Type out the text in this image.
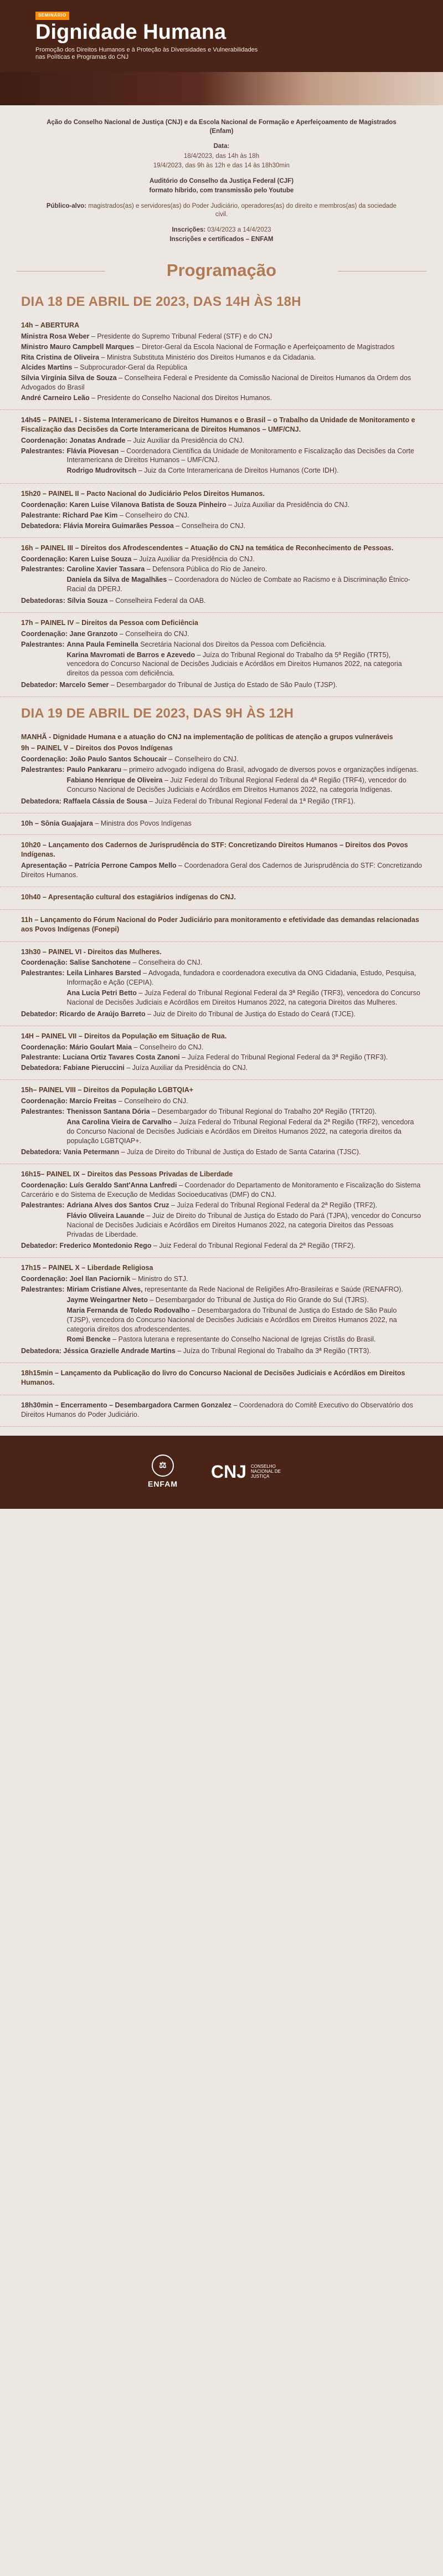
SEMINÁRIO
Dignidade Humana
Promoção dos Direitos Humanos e à Proteção às Diversidades e Vulnerabilidades nas Políticas e Programas do CNJ

Ação do Conselho Nacional de Justiça (CNJ) e da Escola Nacional de Formação e Aperfeiçoamento de Magistrados (Enfam)

Data:

18/4/2023, das 14h às 18h

19/4/2023, das 9h às 12h e das 14 às 18h30min

Auditório do Conselho da Justiça Federal (CJF)

formato híbrido, com transmissão pelo Youtube

Público-alvo: magistrados(as) e servidores(as) do Poder Judiciário, operadores(as) do direito e membros(as) da sociedade civil.

Inscrições: 03/4/2023 a 14/4/2023

Inscrições e certificados – ENFAM

Programação
DIA 18 DE ABRIL DE 2023, DAS 14H ÀS 18H
14h – ABERTURA
Ministra Rosa Weber – Presidente do Supremo Tribunal Federal (STF) e do CNJ
Ministro Mauro Campbell Marques – Diretor-Geral da Escola Nacional de Formação e Aperfeiçoamento de Magistrados
Rita Cristina de Oliveira – Ministra Substituta Ministério dos Direitos Humanos e da Cidadania.
Alcides Martins – Subprocurador-Geral da República
Sílvia Virgínia Silva de Souza – Conselheira Federal e Presidente da Comissão Nacional de Direitos Humanos da Ordem dos Advogados do Brasil
André Carneiro Leão – Presidente do Conselho Nacional dos Direitos Humanos.
14h45 – PAINEL I - Sistema Interamericano de Direitos Humanos e o Brasil – o Trabalho da Unidade de Monitoramento e Fiscalização das Decisões da Corte Interamericana de Direitos Humanos – UMF/CNJ.
Coordenação: Jonatas Andrade – Juiz Auxiliar da Presidência do CNJ.
Palestrantes: Flávia Piovesan – Coordenadora Científica da Unidade de Monitoramento e Fiscalização das Decisões da Corte Interamericana de Direitos Humanos – UMF/CNJ.
Rodrigo Mudrovitsch – Juiz da Corte Interamericana de Direitos Humanos (Corte IDH).
15h20 – PAINEL II – Pacto Nacional do Judiciário Pelos Direitos Humanos.
Coordenação: Karen Luise Vilanova Batista de Souza Pinheiro – Juíza Auxiliar da Presidência do CNJ.
Palestrante: Richard Pae Kim – Conselheiro do CNJ.
Debatedora: Flávia Moreira Guimarães Pessoa – Conselheira do CNJ.
16h – PAINEL III – Direitos dos Afrodescendentes – Atuação do CNJ na temática de Reconhecimento de Pessoas.
Coordenação: Karen Luise Souza – Juíza Auxiliar da Presidência do CNJ.
Palestrantes: Caroline Xavier Tassara – Defensora Pública do Rio de Janeiro.
Daniela da Silva de Magalhães – Coordenadora do Núcleo de Combate ao Racismo e à Discriminação Étnico-Racial da DPERJ.
Debatedoras: Sílvia Souza – Conselheira Federal da OAB.
17h – PAINEL IV – Direitos da Pessoa com Deficiência
Coordenação: Jane Granzoto – Conselheira do CNJ.
Palestrantes: Anna Paula Feminella Secretária Nacional dos Direitos da Pessoa com Deficiência.
Karina Mavromati de Barros e Azevedo – Juíza do Tribunal Regional do Trabalho da 5ª Região (TRT5), vencedora do Concurso Nacional de Decisões Judiciais e Acórdãos em Direitos Humanos 2022, na categoria direitos da pessoa com deficiência.
Debatedor: Marcelo Semer – Desembargador do Tribunal de Justiça do Estado de São Paulo (TJSP).
DIA 19 DE ABRIL DE 2023, DAS 9H ÀS 12H
MANHÃ - Dignidade Humana e a atuação do CNJ na implementação de políticas de atenção a grupos vulneráveis
9h – PAINEL V – Direitos dos Povos Indígenas
Coordenação: João Paulo Santos Schoucair – Conselheiro do CNJ.
Palestrantes: Paulo Pankararu – primeiro advogado indígena do Brasil, advogado de diversos povos e organizações indígenas.
Fabiano Henrique de Oliveira – Juiz Federal do Tribunal Regional Federal da 4ª Região (TRF4), vencedor do Concurso Nacional de Decisões Judiciais e Acórdãos em Direitos Humanos 2022, na categoria Indígenas.
Debatedora: Raffaela Cássia de Sousa – Juíza Federal do Tribunal Regional Federal da 1ª Região (TRF1).
10h – Sônia Guajajara – Ministra dos Povos Indígenas
10h20 – Lançamento dos Cadernos de Jurisprudência do STF: Concretizando Direitos Humanos – Direitos dos Povos Indígenas.
Apresentação – Patrícia Perrone Campos Mello – Coordenadora Geral dos Cadernos de Jurisprudência do STF: Concretizando Direitos Humanos.
10h40 – Apresentação cultural dos estagiários indígenas do CNJ.
11h – Lançamento do Fórum Nacional do Poder Judiciário para monitoramento e efetividade das demandas relacionadas aos Povos Indígenas (Fonepi)
13h30 – PAINEL VI - Direitos das Mulheres.
Coordenação: Salise Sanchotene – Conselheira do CNJ.
Palestrantes: Leila Linhares Barsted – Advogada, fundadora e coordenadora executiva da ONG Cidadania, Estudo, Pesquisa, Informação e Ação (CEPIA).
Ana Lucia Petri Betto – Juíza Federal do Tribunal Regional Federal da 3ª Região (TRF3), vencedora do Concurso Nacional de Decisões Judiciais e Acórdãos em Direitos Humanos 2022, na categoria Direitos das Mulheres.
Debatedor: Ricardo de Araújo Barreto – Juiz de Direito do Tribunal de Justiça do Estado do Ceará (TJCE).
14H – PAINEL VII – Direitos da População em Situação de Rua.
Coordenação: Mário Goulart Maia – Conselheiro do CNJ.
Palestrante: Luciana Ortiz Tavares Costa Zanoni – Juíza Federal do Tribunal Regional Federal da 3ª Região (TRF3).
Debatedora: Fabiane Pieruccini – Juíza Auxiliar da Presidência do CNJ.
15h– PAINEL VIII – Direitos da População LGBTQIA+
Coordenação: Marcio Freitas – Conselheiro do CNJ.
Palestrantes: Thenisson Santana Dória – Desembargador do Tribunal Regional do Trabalho 20ª Região (TRT20).
Ana Carolina Vieira de Carvalho – Juíza Federal do Tribunal Regional Federal da 2ª Região (TRF2), vencedora do Concurso Nacional de Decisões Judiciais e Acórdãos em Direitos Humanos 2022, na categoria direitos da população LGBTQIAP+.
Debatedora: Vania Petermann – Juíza de Direito do Tribunal de Justiça do Estado de Santa Catarina (TJSC).
16h15– PAINEL IX – Direitos das Pessoas Privadas de Liberdade
Coordenação: Luís Geraldo Sant'Anna Lanfredi – Coordenador do Departamento de Monitoramento e Fiscalização do Sistema Carcerário e do Sistema de Execução de Medidas Socioeducativas (DMF) do CNJ.
Palestrantes: Adriana Alves dos Santos Cruz – Juíza Federal do Tribunal Regional Federal da 2ª Região (TRF2).
Flávio Oliveira Lauande – Juiz de Direito do Tribunal de Justiça do Estado do Pará (TJPA), vencedor do Concurso Nacional de Decisões Judiciais e Acórdãos em Direitos Humanos 2022, na categoria Direitos das Pessoas Privadas de Liberdade.
Debatedor: Frederico Montedonio Rego – Juiz Federal do Tribunal Regional Federal da 2ª Região (TRF2).
17h15 – PAINEL X – Liberdade Religiosa
Coordenação: Joel Ilan Paciornik – Ministro do STJ.
Palestrantes: Miriam Cristiane Alves, representante da Rede Nacional de Religiões Afro-Brasileiras e Saúde (RENAFRO).
Jayme Weingartner Neto – Desembargador do Tribunal de Justiça do Rio Grande do Sul (TJRS).
Maria Fernanda de Toledo Rodovalho – Desembargadora do Tribunal de Justiça do Estado de São Paulo (TJSP), vencedora do Concurso Nacional de Decisões Judiciais e Acórdãos em Direitos Humanos 2022, na categoria direitos dos afrodescendentes.
Romi Bencke – Pastora luterana e representante do Conselho Nacional de Igrejas Cristãs do Brasil.
Debatedora: Jéssica Grazielle Andrade Martins – Juíza do Tribunal Regional do Trabalho da 3ª Região (TRT3).
18h15min – Lançamento da Publicação do livro do Concurso Nacional de Decisões Judiciais e Acórdãos em Direitos Humanos.
18h30min – Encerramento – Desembargadora Carmen Gonzalez – Coordenadora do Comitê Executivo do Observatório dos Direitos Humanos do Poder Judiciário.
⚖
ENFAM
CNJ CONSELHO NACIONAL DE JUSTIÇA
